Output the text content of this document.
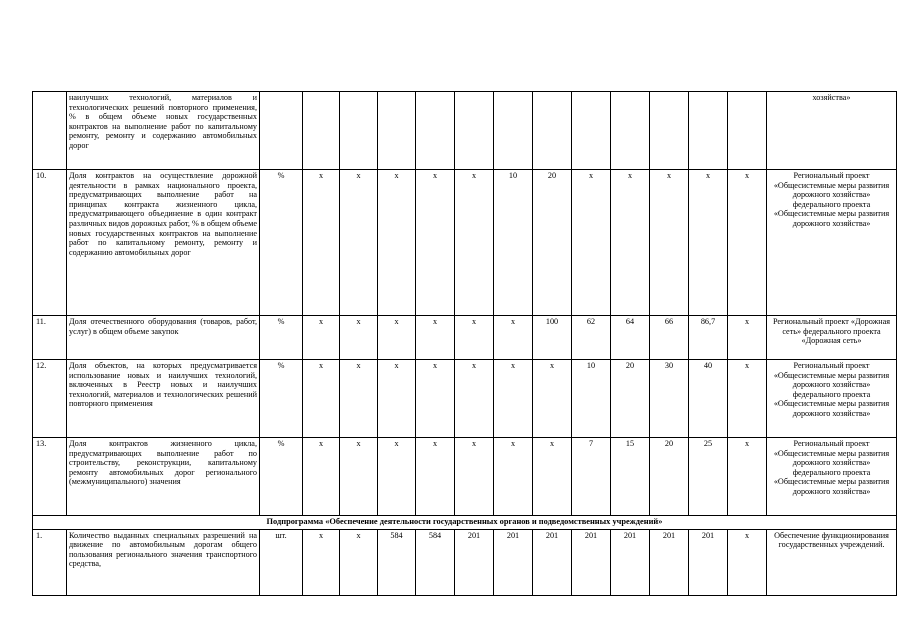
	наилучших технологий, материалов и технологических решений повторного применения, % в общем объеме новых государственных контрактов на выполнение работ по капитальному ремонту, ремонту и содержанию автомобильных дорог														хозяйства»
10.	Доля контрактов на осуществление дорожной деятельности в рамках национального проекта, предусматривающих выполнение работ на принципах контракта жизненного цикла, предусматривающего объединение в один контракт различных видов дорожных работ, % в общем объеме новых государственных контрактов на выполнение работ по капитальному ремонту, ремонту и содержанию автомобильных дорог	%	x	x	x	x	x	10	20	x	x	x	x	x	Региональный проект «Общесистемные меры развития дорожного хозяйства» федерального проекта «Общесистемные меры развития дорожного хозяйства»
11.	Доля отечественного оборудования (товаров, работ, услуг) в общем объеме закупок	%	x	x	x	x	x	x	100	62	64	66	86,7	x	Региональный проект «Дорожная сеть» федерального проекта «Дорожная сеть»
12.	Доля объектов, на которых предусматривается использование новых и наилучших технологий, включенных в Реестр новых и наилучших технологий, материалов и технологических решений повторного применения	%	x	x	x	x	x	x	x	10	20	30	40	x	Региональный проект «Общесистемные меры развития дорожного хозяйства» федерального проекта «Общесистемные меры развития дорожного хозяйства»
13.	Доля контрактов жизненного цикла, предусматривающих выполнение работ по строительству, реконструкции, капитальному ремонту автомобильных дорог регионального (межмуниципального) значения	%	x	x	x	x	x	x	x	7	15	20	25	x	Региональный проект «Общесистемные меры развития дорожного хозяйства» федерального проекта «Общесистемные меры развития дорожного хозяйства»
Подпрограмма «Обеспечение деятельности государственных органов и подведомственных учреждений»															
1.	Количество выданных специальных разрешений на движение по автомобильным дорогам общего пользования регионального значения транспортного средства,	шт.	x	x	584	584	201	201	201	201	201	201	201	x	Обеспечение функционирования государственных учреждений.
